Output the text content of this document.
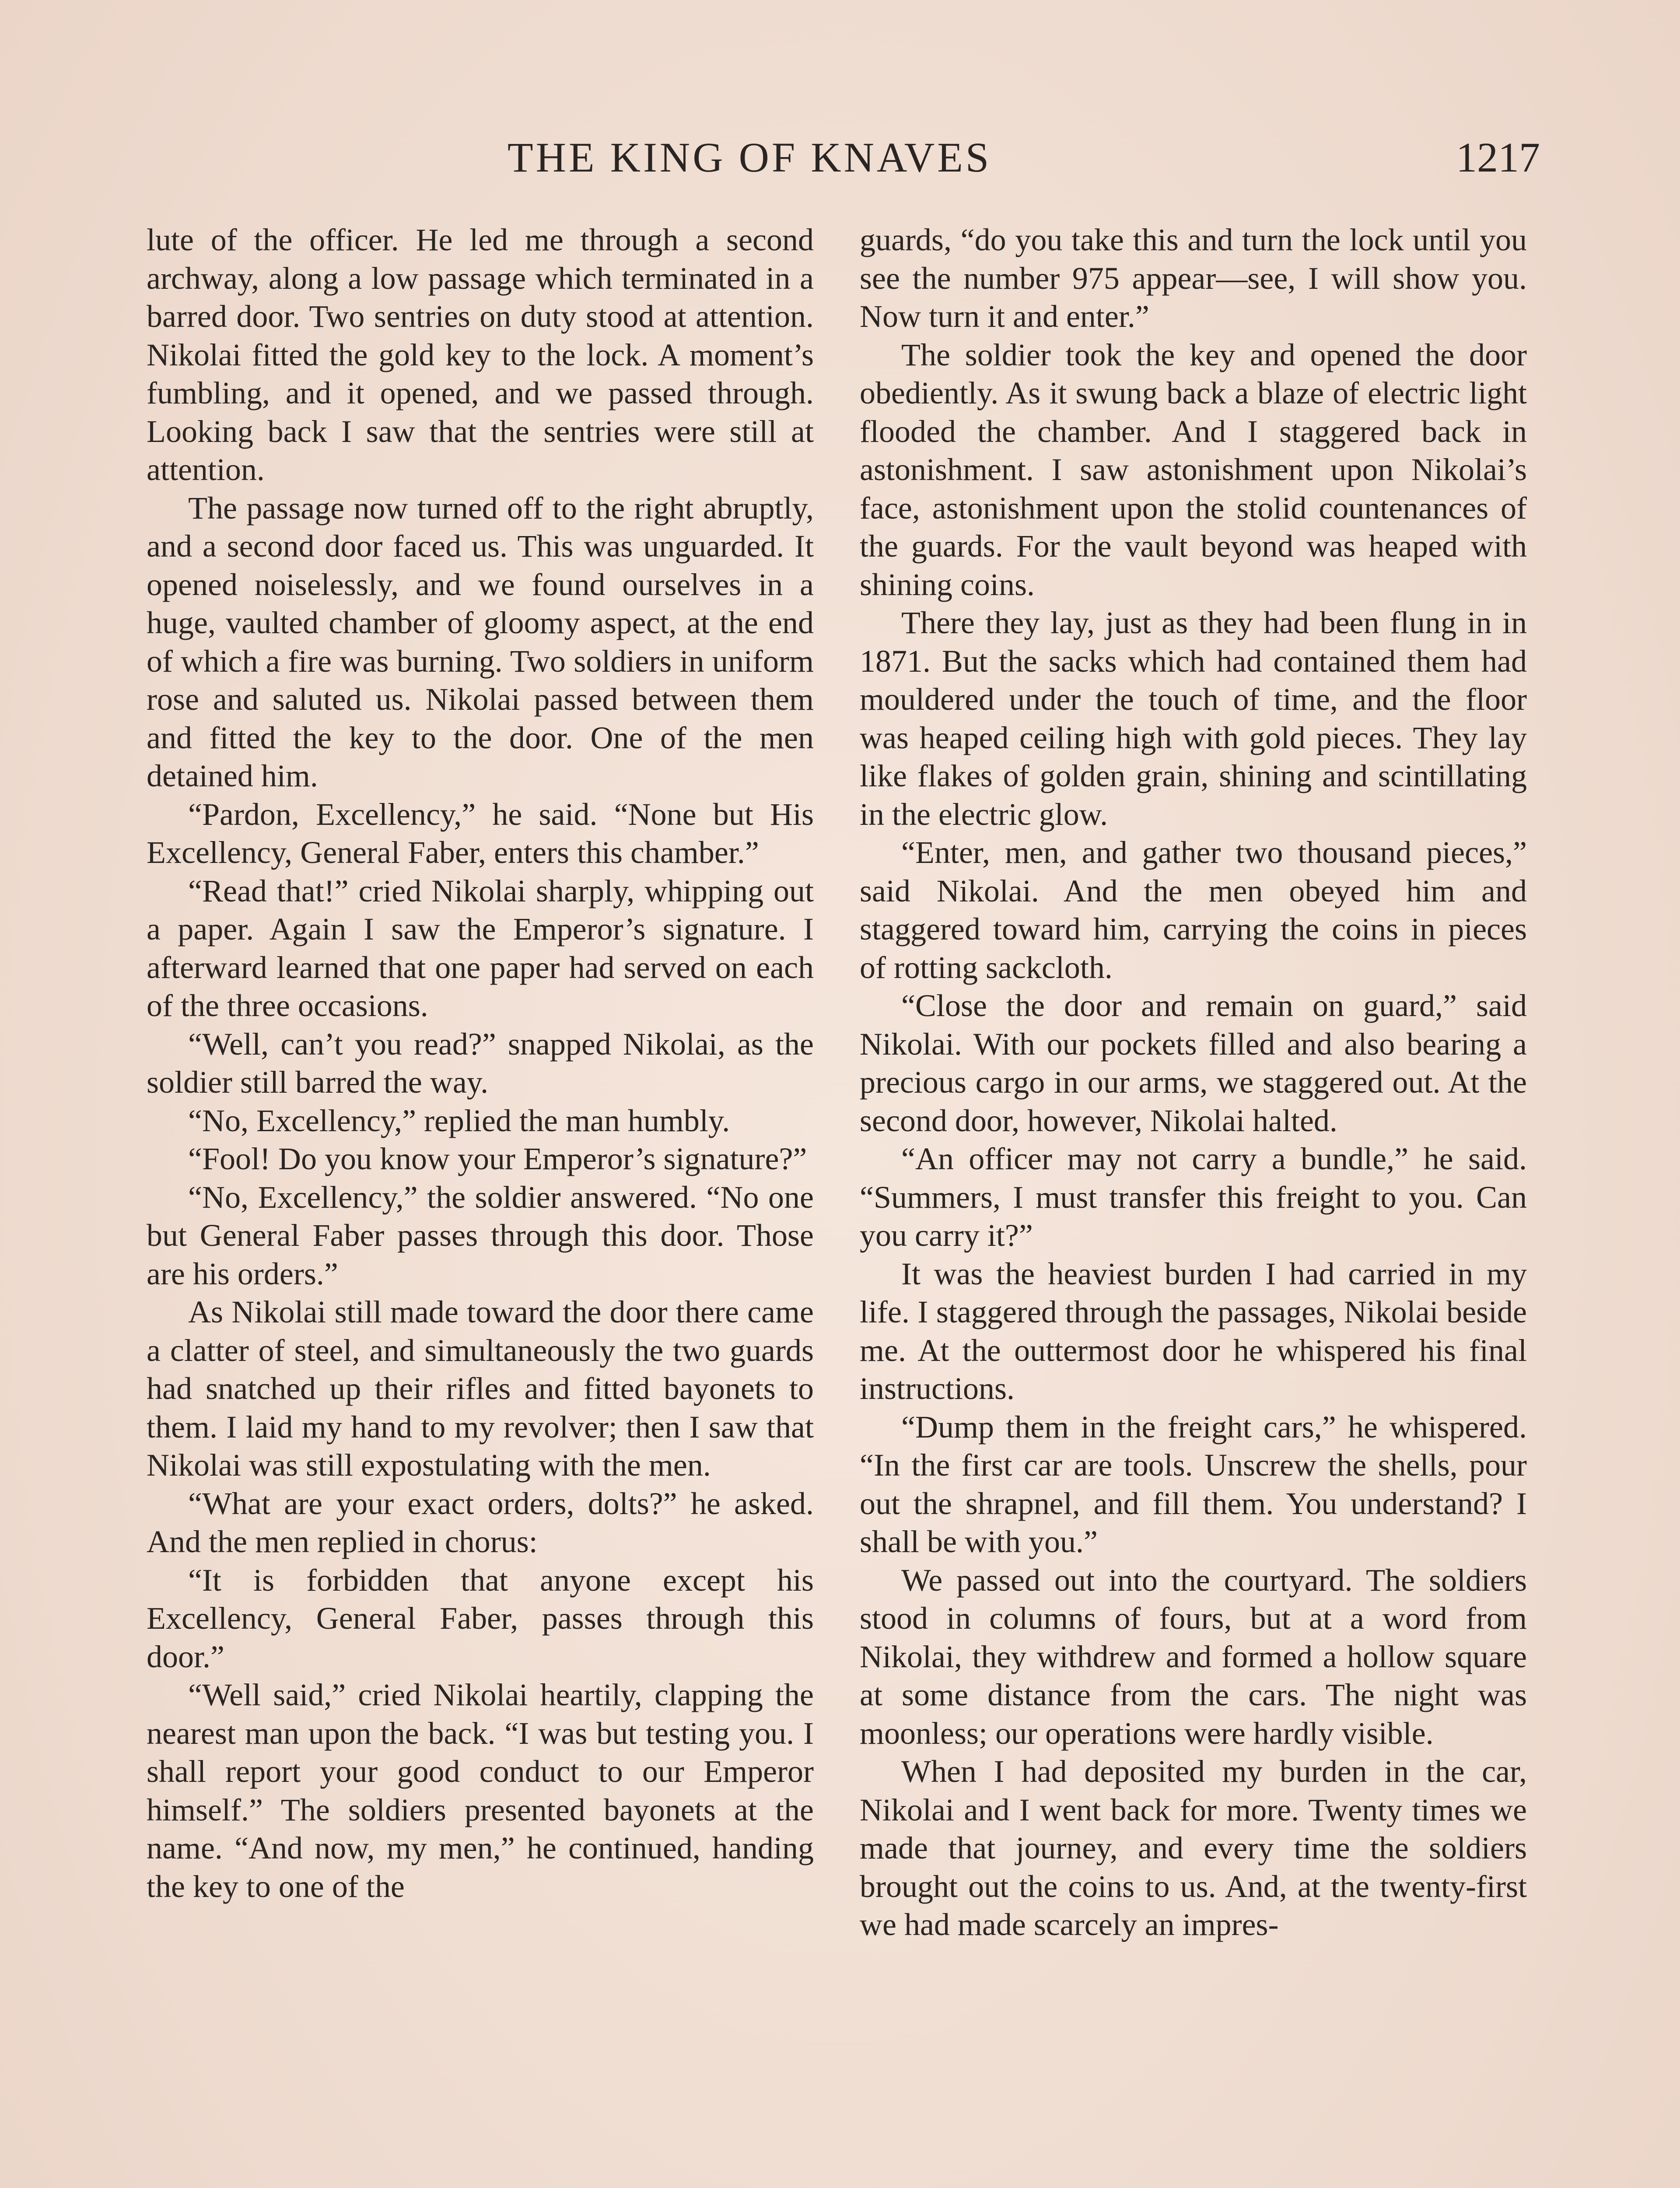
THE KING OF KNAVES	1217

lute of the officer. He led me through a second archway, along a low passage which terminated in a barred door. Two sentries on duty stood at attention. Nikolai fitted the gold key to the lock. A moment’s fumbling, and it opened, and we passed through. Looking back I saw that the sentries were still at attention.

The passage now turned off to the right abruptly, and a second door faced us. This was unguarded. It opened noiselessly, and we found ourselves in a huge, vaulted chamber of gloomy aspect, at the end of which a fire was burning. Two soldiers in uniform rose and saluted us. Nikolai passed between them and fitted the key to the door. One of the men detained him.

“Pardon, Excellency,” he said. “None but His Excellency, General Faber, enters this chamber.”

“Read that!” cried Nikolai sharply, whipping out a paper. Again I saw the Emperor’s signature. I afterward learned that one paper had served on each of the three occasions.

“Well, can’t you read?” snapped Nikolai, as the soldier still barred the way.

“No, Excellency,” replied the man humbly.

“Fool! Do you know your Emperor’s signature?”

“No, Excellency,” the soldier answered. “No one but General Faber passes through this door. Those are his orders.”

As Nikolai still made toward the door there came a clatter of steel, and simultaneously the two guards had snatched up their rifles and fitted bayonets to them. I laid my hand to my revolver; then I saw that Nikolai was still expostulating with the men.

“What are your exact orders, dolts?” he asked. And the men replied in chorus:

“It is forbidden that anyone except his Excellency, General Faber, passes through this door.”

“Well said,” cried Nikolai heartily, clapping the nearest man upon the back. “I was but testing you. I shall report your good conduct to our Emperor himself.” The soldiers presented bayonets at the name. “And now, my men,” he continued, handing the key to one of the

guards, “do you take this and turn the lock until you see the number 975 appear—see, I will show you. Now turn it and enter.”

The soldier took the key and opened the door obediently. As it swung back a blaze of electric light flooded the chamber. And I staggered back in astonishment. I saw astonishment upon Nikolai’s face, astonishment upon the stolid countenances of the guards. For the vault beyond was heaped with shining coins.

There they lay, just as they had been flung in in 1871. But the sacks which had contained them had mouldered under the touch of time, and the floor was heaped ceiling high with gold pieces. They lay like flakes of golden grain, shining and scintillating in the electric glow.

“Enter, men, and gather two thousand pieces,” said Nikolai. And the men obeyed him and staggered toward him, carrying the coins in pieces of rotting sackcloth.

“Close the door and remain on guard,” said Nikolai. With our pockets filled and also bearing a precious cargo in our arms, we staggered out. At the second door, however, Nikolai halted.

“An officer may not carry a bundle,” he said. “Summers, I must transfer this freight to you. Can you carry it?”

It was the heaviest burden I had carried in my life. I staggered through the passages, Nikolai beside me. At the outtermost door he whispered his final instructions.

“Dump them in the freight cars,” he whispered. “In the first car are tools. Unscrew the shells, pour out the shrapnel, and fill them. You understand? I shall be with you.”

We passed out into the courtyard. The soldiers stood in columns of fours, but at a word from Nikolai, they withdrew and formed a hollow square at some distance from the cars. The night was moonless; our operations were hardly visible.

When I had deposited my burden in the car, Nikolai and I went back for more. Twenty times we made that journey, and every time the soldiers brought out the coins to us. And, at the twenty-first we had made scarcely an impres-
